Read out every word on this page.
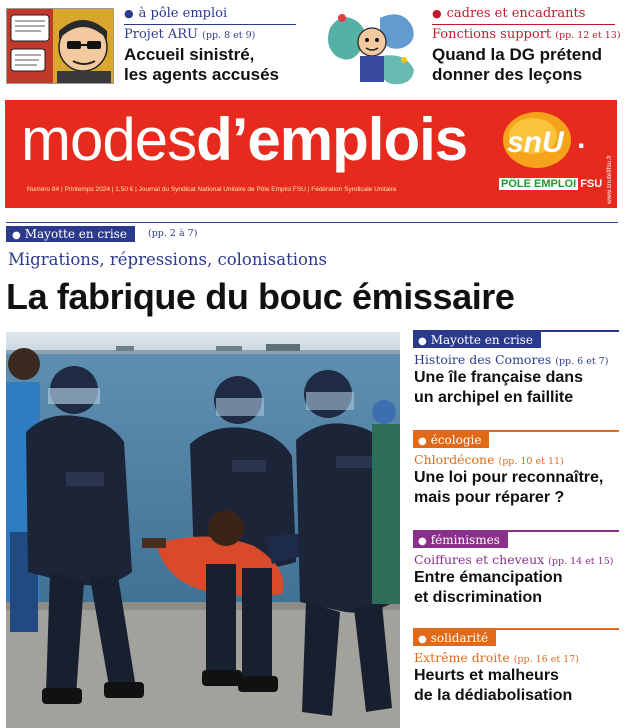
● à pôle emploi
Projet ARU (pp. 8 et 9)
Accueil sinistré,
les agents accusés
● cadres et encadrants
Fonctions support (pp. 12 et 13)
Quand la DG prétend
donner des leçons
modesd’emplois
Numéro 84 | Printemps 2024 | 1,50 € | Journal du Syndicat National Unitaire de Pôle Emploi FSU | Fédération Syndicale Unitaire
snU .
PÔLE EMPLOI FSU www.snutefifsu.fr
● Mayotte en crise	(pp. 2 à 7)
Migrations, répressions, colonisations
La fabrique du bouc émissaire
● Mayotte en crise
Histoire des Comores (pp. 6 et 7)
Une île française dans
un archipel en faillite
● écologie
Chlordécone (pp. 10 et 11)
Une loi pour reconnaître,
mais pour réparer ?
● féminismes
Coiffures et cheveux (pp. 14 et 15)
Entre émancipation
et discrimination
● solidarité
Extrême droite (pp. 16 et 17)
Heurts et malheurs
de la dédiabolisation
